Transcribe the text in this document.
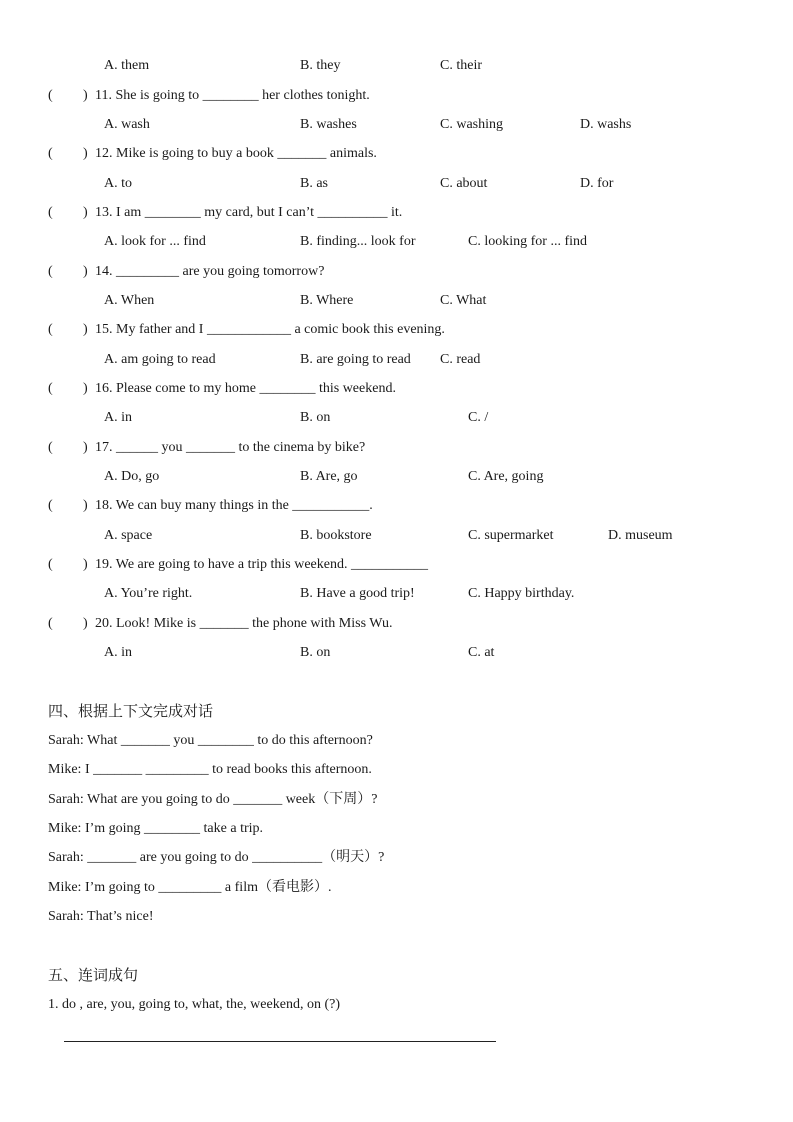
A. them	B. they	C. their
( ) 11. She is going to ________ her clothes tonight.
A. wash	B. washes	C. washing	D. washs
( ) 12. Mike is going to buy a book _______ animals.
A. to	B. as	C. about	D. for
( ) 13. I am ________ my card, but I can’t __________ it.
A. look for ... find	B. finding... look for	C. looking for ... find
( ) 14. _________ are you going tomorrow?
A. When	B. Where	C. What
( ) 15. My father and I ____________ a comic book this evening.
A. am going to read	B. are going to read C. read
( ) 16. Please come to my home ________ this weekend.
A. in	B. on	C. /
( ) 17. ______ you _______ to the cinema by bike?
A. Do, go	B. Are, go	C. Are, going
( ) 18. We can buy many things in the ___________.
A. space	B. bookstore	C. supermarket	D. museum
( ) 19. We are going to have a trip this weekend. ___________
A. You’re right.	B. Have a good trip!	C. Happy birthday.
( ) 20. Look! Mike is _______ the phone with Miss Wu.
A. in	B. on	C. at
四、根据上下文完成对话
Sarah: What _______ you ________ to do this afternoon?
Mike: I _______ _________ to read books this afternoon.
Sarah: What are you going to do _______ week（下周）?
Mike: I’m going ________ take a trip.
Sarah: _______ are you going to do __________（明天）?
Mike: I’m going to _________ a film（看电影）.
Sarah: That’s nice!
五、连词成句
1. do , are, you, going to, what, the, weekend, on (?)
